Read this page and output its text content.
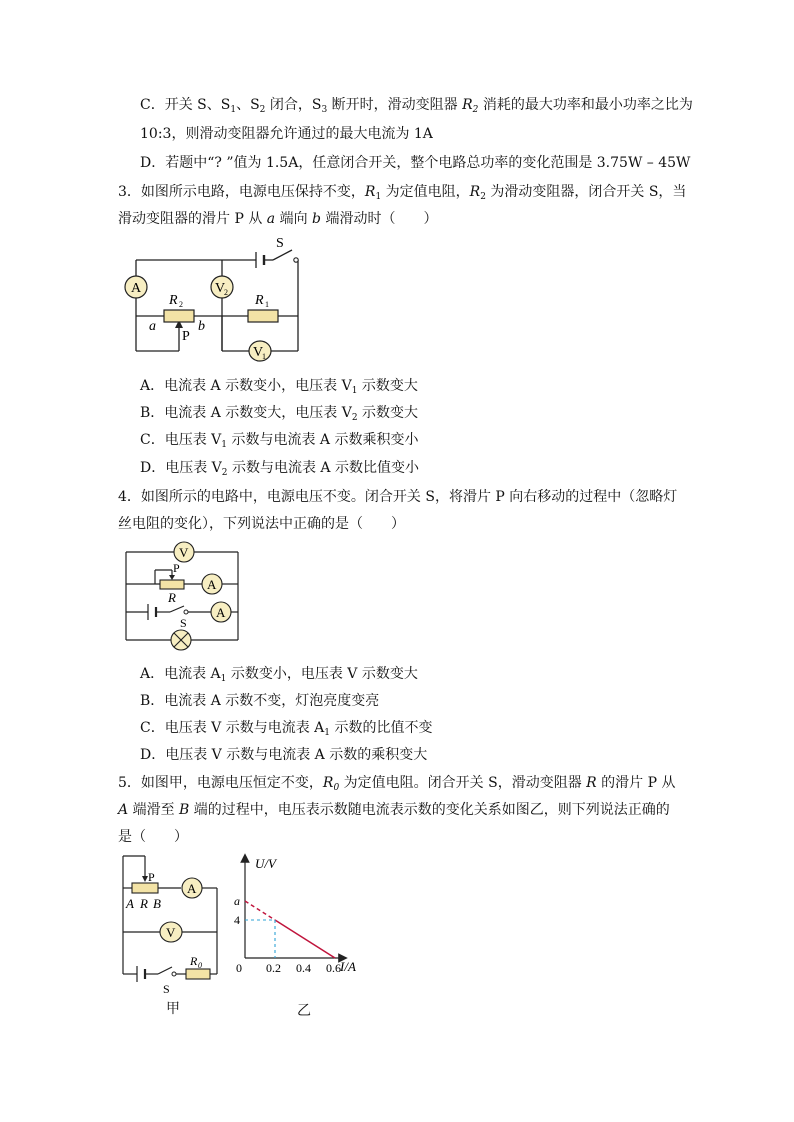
C．开关 S、$S_1$、$S_2$ 闭合，$S_3$ 断开时，滑动变阻器 $R_2$ 消耗的最大功率和最小功率之比为
10:3，则滑动变阻器允许通过的最大电流为 1A
D．若题中“? ”值为 1.5A，任意闭合开关，整个电路总功率的变化范围是 3.75W – 45W
3．如图所示电路，电源电压保持不变，$R_1$ 为定值电阻，$R_2$ 为滑动变阻器，闭合开关 S，当
滑动变阻器的滑片 P 从 a 端向 b 端滑动时（　　）
S
A	V
2
V
1
R 2	R 1
a	b
P
A．电流表 A 示数变小，电压表 $V_1$ 示数变大
B．电流表 A 示数变大，电压表 $V_2$ 示数变大
C．电压表 $V_1$ 示数与电流表 A 示数乘积变小
D．电压表 $V_2$ 示数与电流表 A 示数比值变小
4．如图所示的电路中，电源电压不变。闭合开关 S，将滑片 P 向右移动的过程中（忽略灯
丝电阻的变化），下列说法中正确的是（　　）
V
P
R
A
A
S
A．电流表 $A_1$ 示数变小，电压表 V 示数变大
B．电流表 A 示数不变，灯泡亮度变亮
C．电压表 V 示数与电流表 $A_1$ 示数的比值不变
D．电压表 V 示数与电流表 A 示数的乘积变大
5．如图甲，电源电压恒定不变，$R_0$ 为定值电阻。闭合开关 S，滑动变阻器 R 的滑片 P 从
A 端滑至 B 端的过程中，电压表示数随电流表示数的变化关系如图乙，则下列说法正确的
是（　　）
P
A R B
A
V
S
R 0	0 0.2 0.4 0.6
a
4
U/V
I/A
甲	乙
